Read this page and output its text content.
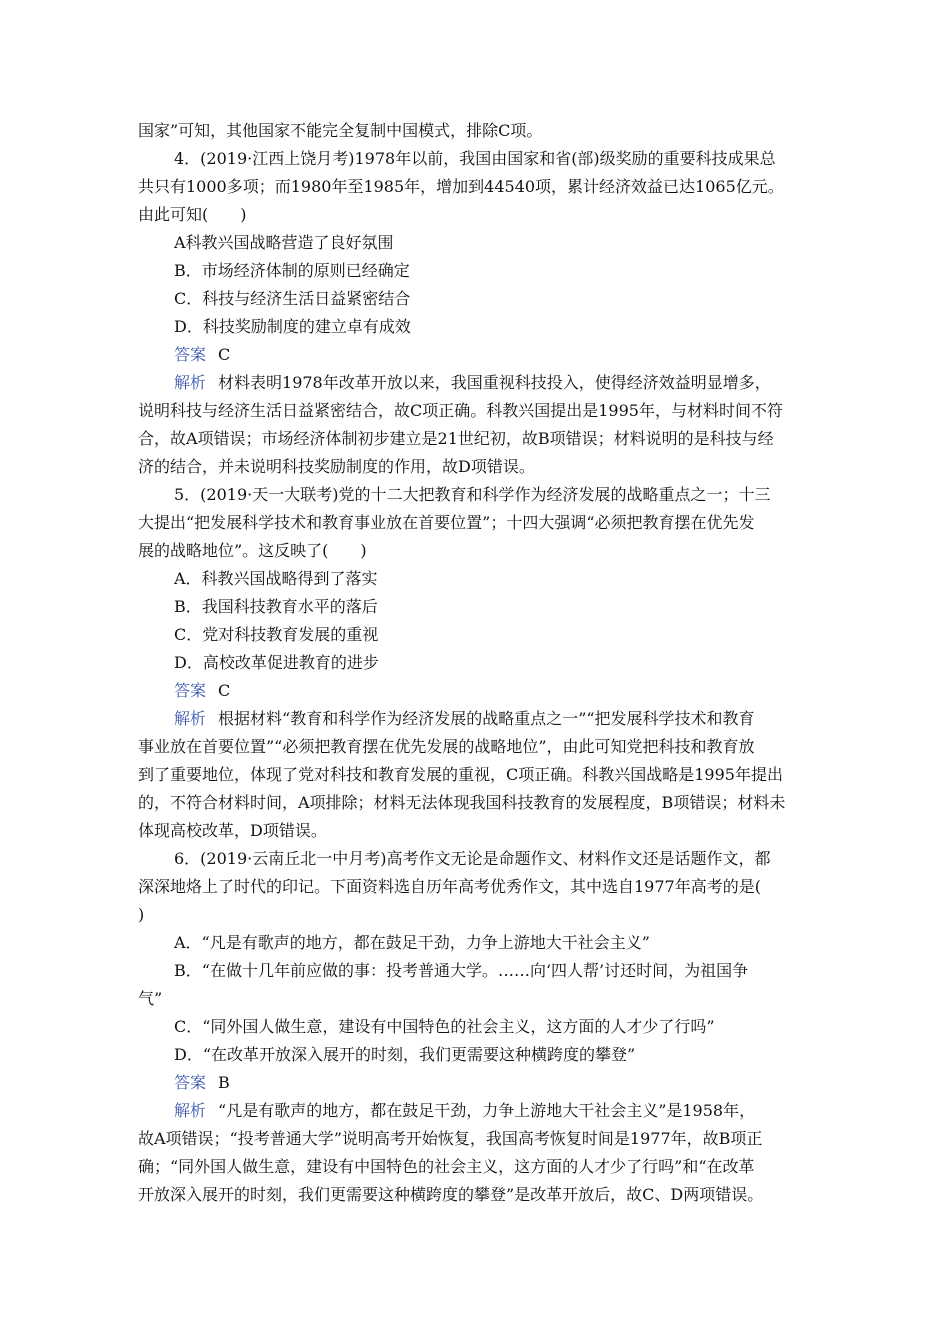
国家”可知，其他国家不能完全复制中国模式，排除C项。
4．(2019·江西上饶月考)1978年以前，我国由国家和省(部)级奖励的重要科技成果总
共只有1000多项；而1980年至1985年，增加到44540项，累计经济效益已达1065亿元。
由此可知(　　)
A科教兴国战略营造了良好氛围
B．市场经济体制的原则已经确定
C．科技与经济生活日益紧密结合
D．科技奖励制度的建立卓有成效
答案 C
解析 材料表明1978年改革开放以来，我国重视科技投入，使得经济效益明显增多，
说明科技与经济生活日益紧密结合，故C项正确。科教兴国提出是1995年，与材料时间不符
合，故A项错误；市场经济体制初步建立是21世纪初，故B项错误；材料说明的是科技与经
济的结合，并未说明科技奖励制度的作用，故D项错误。
5．(2019·天一大联考)党的十二大把教育和科学作为经济发展的战略重点之一；十三
大提出“把发展科学技术和教育事业放在首要位置”；十四大强调“必须把教育摆在优先发
展的战略地位”。这反映了(　　)
A．科教兴国战略得到了落实
B．我国科技教育水平的落后
C．党对科技教育发展的重视
D．高校改革促进教育的进步
答案 C
解析 根据材料“教育和科学作为经济发展的战略重点之一”“把发展科学技术和教育
事业放在首要位置”“必须把教育摆在优先发展的战略地位”，由此可知党把科技和教育放
到了重要地位，体现了党对科技和教育发展的重视，C项正确。科教兴国战略是1995年提出
的，不符合材料时间，A项排除；材料无法体现我国科技教育的发展程度，B项错误；材料未
体现高校改革，D项错误。
6．(2019·云南丘北一中月考)高考作文无论是命题作文、材料作文还是话题作文，都
深深地烙上了时代的印记。下面资料选自历年高考优秀作文，其中选自1977年高考的是(
)
A．“凡是有歌声的地方，都在鼓足干劲，力争上游地大干社会主义”
B．“在做十几年前应做的事：投考普通大学。……向‘四人帮’讨还时间，为祖国争
气”
C．“同外国人做生意，建设有中国特色的社会主义，这方面的人才少了行吗”
D．“在改革开放深入展开的时刻，我们更需要这种横跨度的攀登”
答案 B
解析 “凡是有歌声的地方，都在鼓足干劲，力争上游地大干社会主义”是1958年，
故A项错误；“投考普通大学”说明高考开始恢复，我国高考恢复时间是1977年，故B项正
确；“同外国人做生意，建设有中国特色的社会主义，这方面的人才少了行吗”和“在改革
开放深入展开的时刻，我们更需要这种横跨度的攀登”是改革开放后，故C、D两项错误。
